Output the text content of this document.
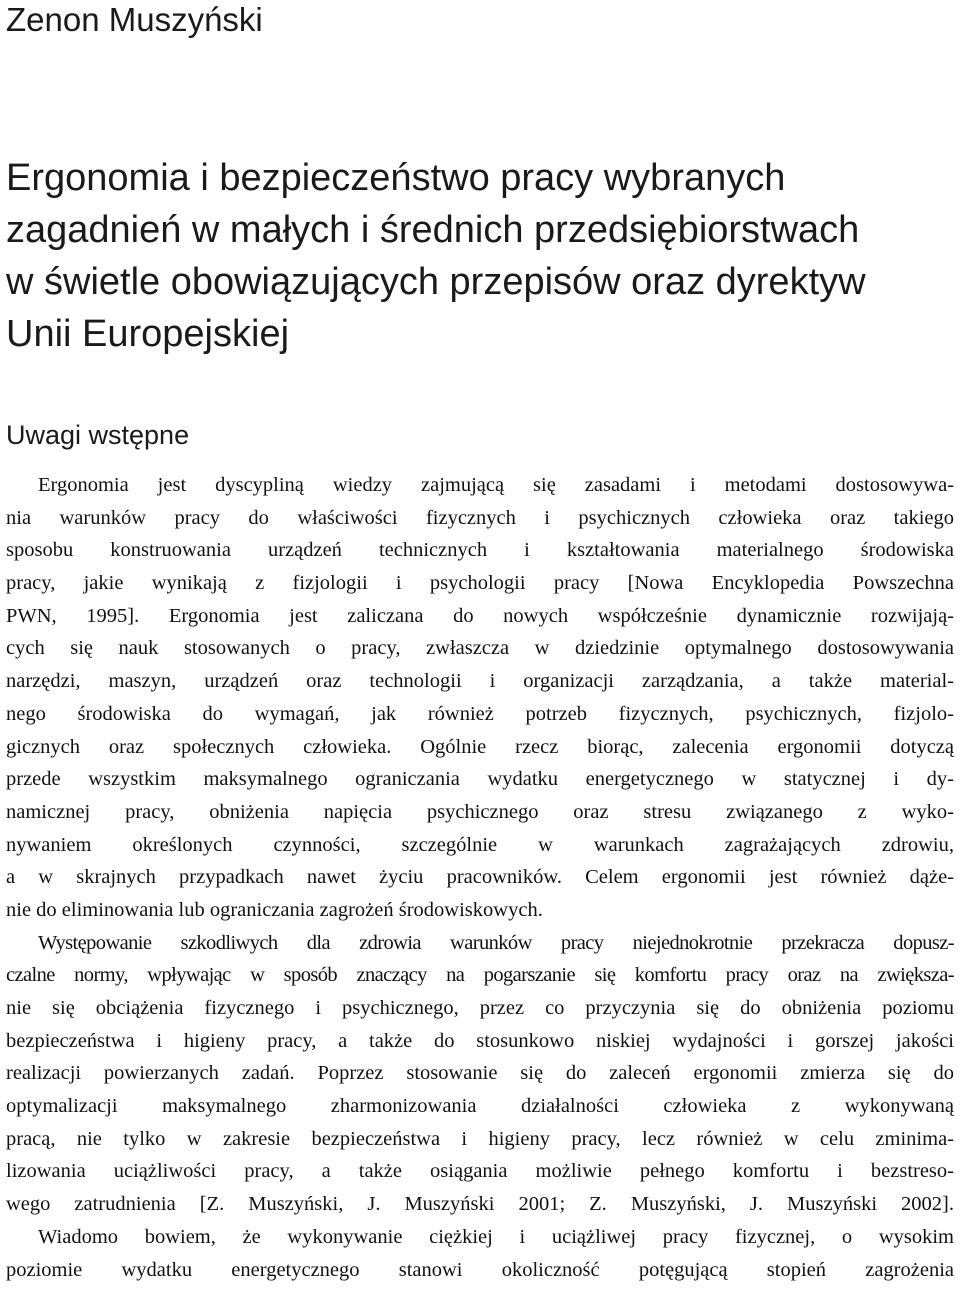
Zenon Muszyński
Ergonomia i bezpieczeństwo pracy wybranych
zagadnień w małych i średnich przedsiębiorstwach
w świetle obowiązujących przepisów oraz dyrektyw
Unii Europejskiej
Uwagi wstępne
Ergonomia jest dyscypliną wiedzy zajmującą się zasadami i metodami dostosowywa-
nia warunków pracy do właściwości fizycznych i psychicznych człowieka oraz takiego
sposobu konstruowania urządzeń technicznych i kształtowania materialnego środowiska
pracy, jakie wynikają z fizjologii i psychologii pracy [Nowa Encyklopedia Powszechna
PWN, 1995]. Ergonomia jest zaliczana do nowych współcześnie dynamicznie rozwijają-
cych się nauk stosowanych o pracy, zwłaszcza w dziedzinie optymalnego dostosowywania
narzędzi, maszyn, urządzeń oraz technologii i organizacji zarządzania, a także material-
nego środowiska do wymagań, jak również potrzeb fizycznych, psychicznych, fizjolo-
gicznych oraz społecznych człowieka. Ogólnie rzecz biorąc, zalecenia ergonomii dotyczą
przede wszystkim maksymalnego ograniczania wydatku energetycznego w statycznej i dy-
namicznej pracy, obniżenia napięcia psychicznego oraz stresu związanego z wyko-
nywaniem określonych czynności, szczególnie w warunkach zagrażających zdrowiu,
a w skrajnych przypadkach nawet życiu pracowników. Celem ergonomii jest również dąże-
nie do eliminowania lub ograniczania zagrożeń środowiskowych.
Występowanie szkodliwych dla zdrowia warunków pracy niejednokrotnie przekracza dopusz-
czalne normy, wpływając w sposób znaczący na pogarszanie się komfortu pracy oraz na zwiększa-
nie się obciążenia fizycznego i psychicznego, przez co przyczynia się do obniżenia poziomu
bezpieczeństwa i higieny pracy, a także do stosunkowo niskiej wydajności i gorszej jakości
realizacji powierzanych zadań. Poprzez stosowanie się do zaleceń ergonomii zmierza się do
optymalizacji maksymalnego zharmonizowania działalności człowieka z wykonywaną
pracą, nie tylko w zakresie bezpieczeństwa i higieny pracy, lecz również w celu zminima-
lizowania uciążliwości pracy, a także osiągania możliwie pełnego komfortu i bezstreso-
wego zatrudnienia [Z. Muszyński, J. Muszyński 2001; Z. Muszyński, J. Muszyński 2002].
Wiadomo bowiem, że wykonywanie ciężkiej i uciążliwej pracy fizycznej, o wysokim
poziomie wydatku energetycznego stanowi okoliczność potęgującą stopień zagrożenia
